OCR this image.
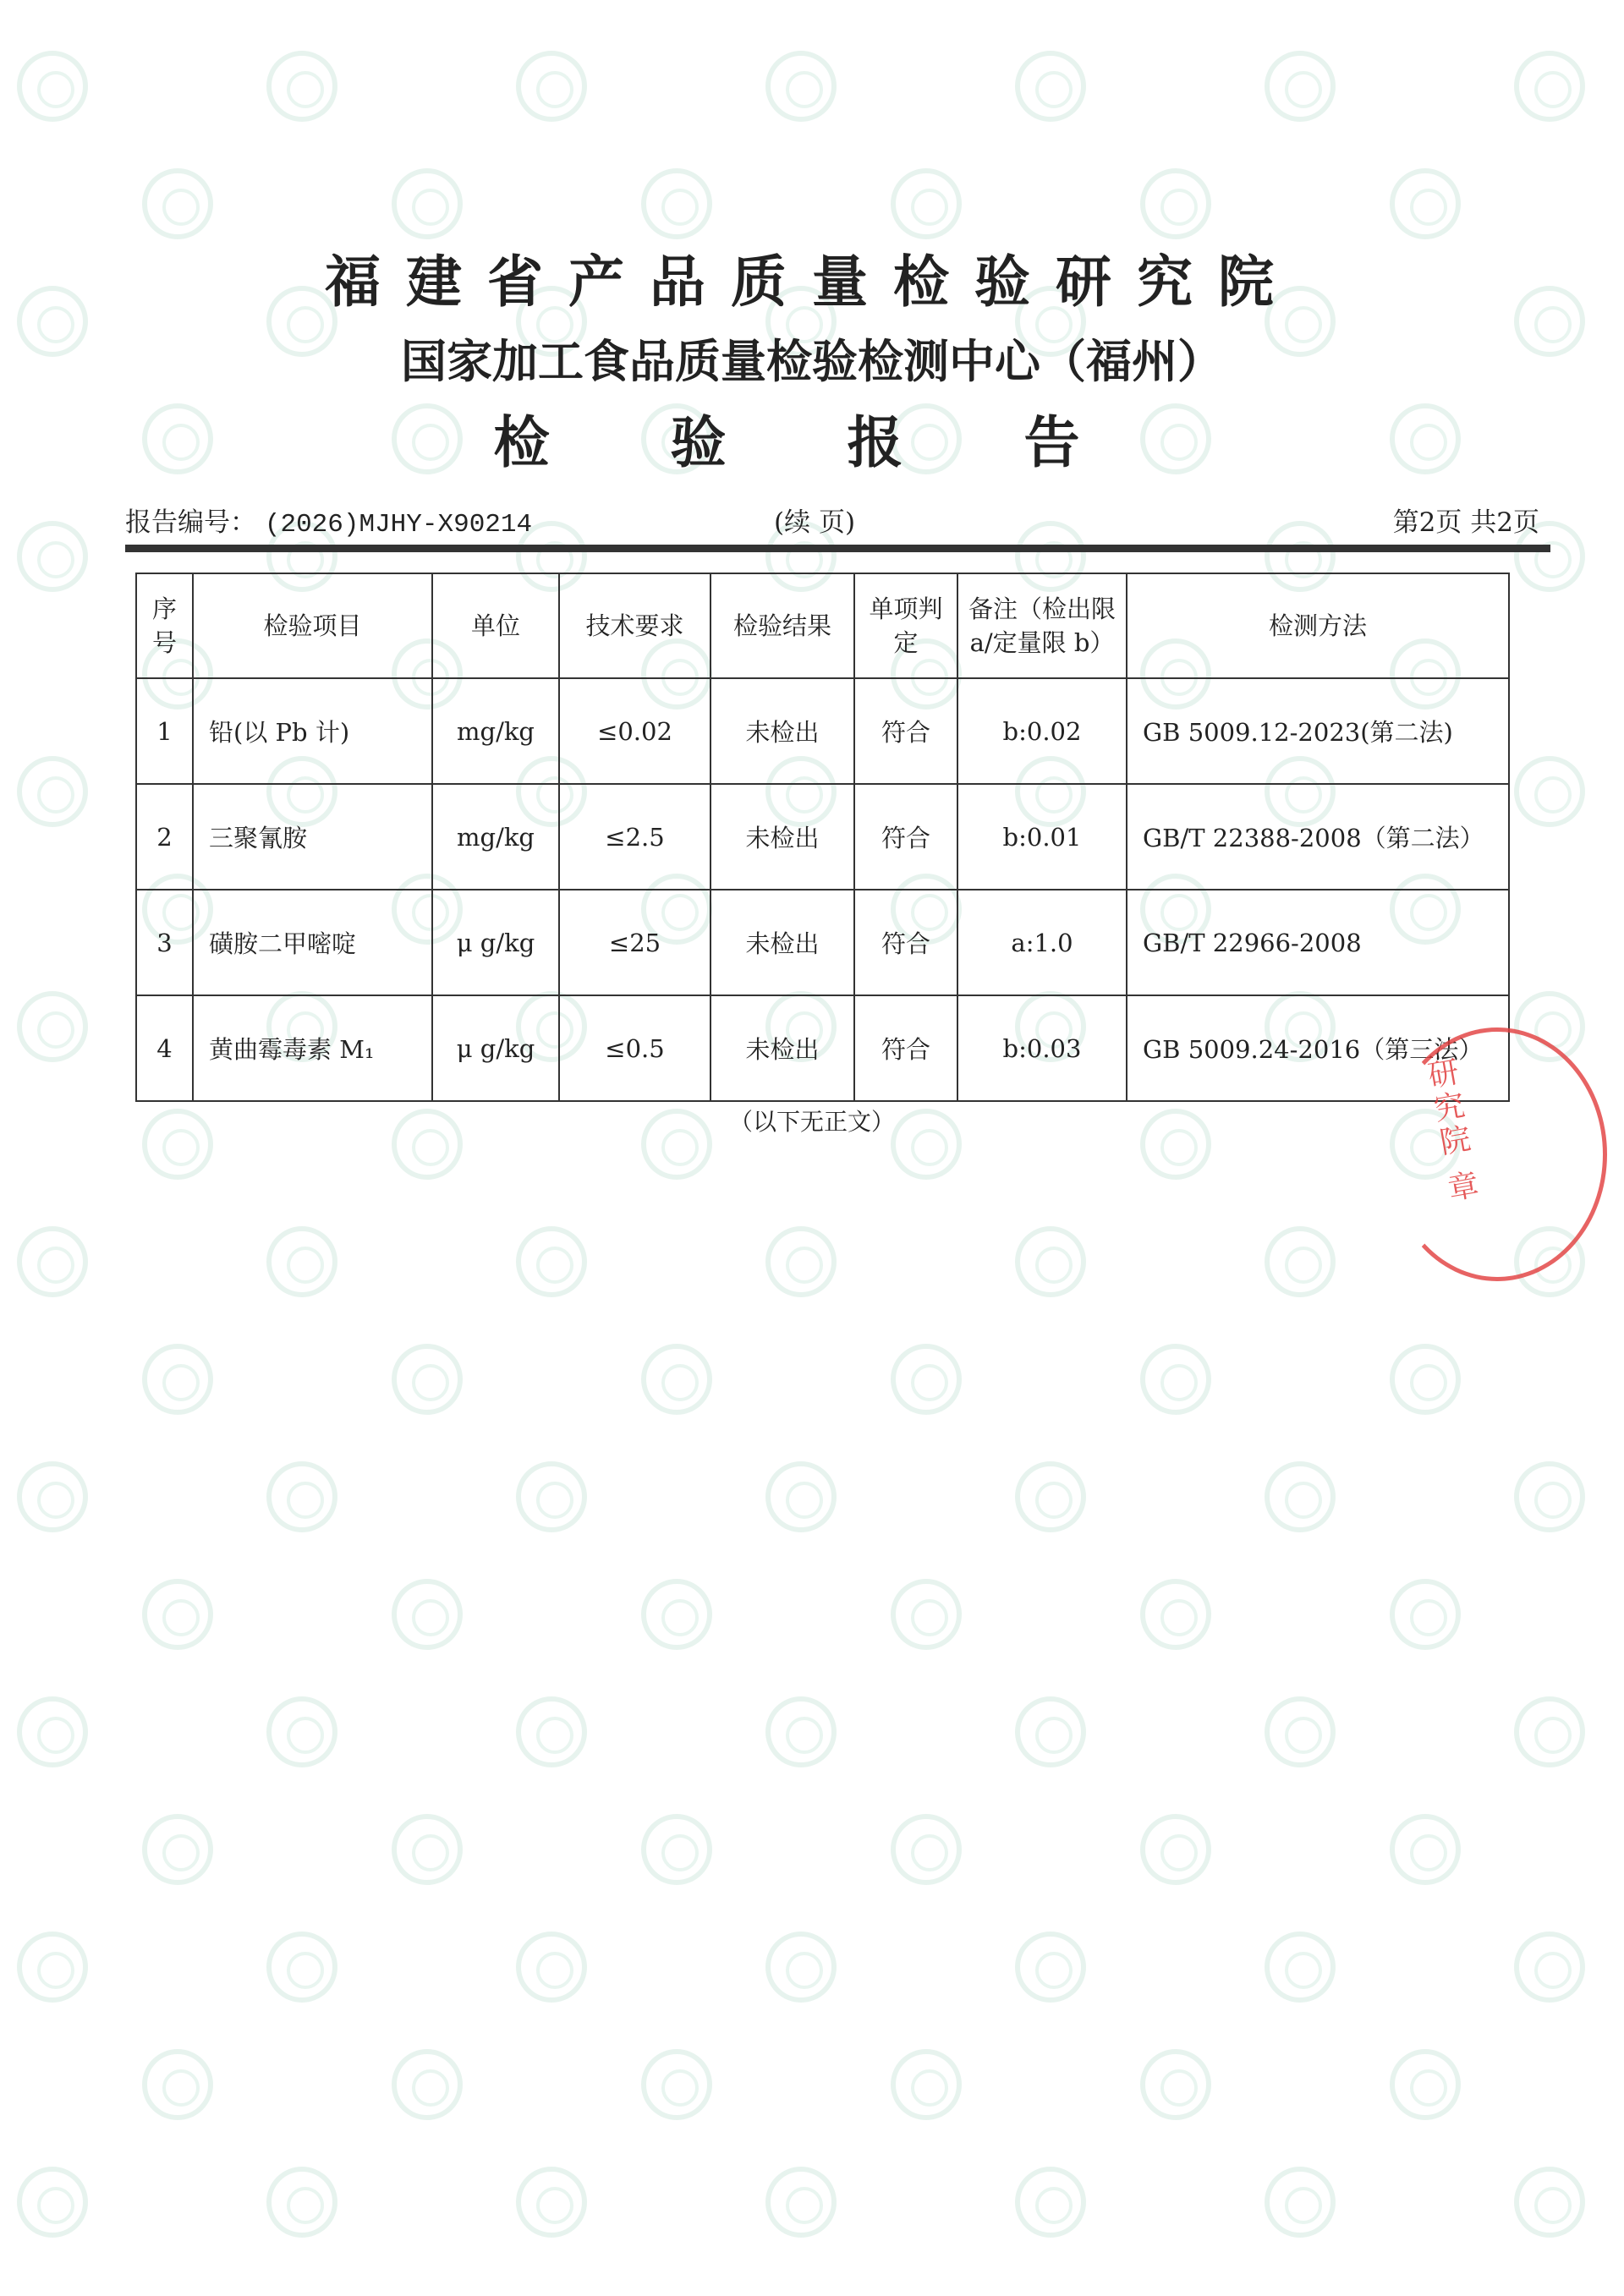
福建省产品质量检验研究院
国家加工食品质量检验检测中心（福州）
检 验 报 告
报告编号： (2026)MJHY-X90214	(续 页)	第2页 共2页
序号	检验项目	单位	技术要求	检验结果	单项判定	备注（检出限 a/定量限 b）	检测方法
1	铅(以 Pb 计)	mg/kg	≤0.02	未检出	符合	b:0.02	GB 5009.12-2023(第二法)
2	三聚氰胺	mg/kg	≤2.5	未检出	符合	b:0.01	GB/T 22388-2008（第二法）
3	磺胺二甲嘧啶	μ g/kg	≤25	未检出	符合	a:1.0	GB/T 22966-2008
4	黄曲霉毒素 M₁	μ g/kg	≤0.5	未检出	符合	b:0.03	GB 5009.24-2016（第三法）
（以下无正文）	研究院 章
